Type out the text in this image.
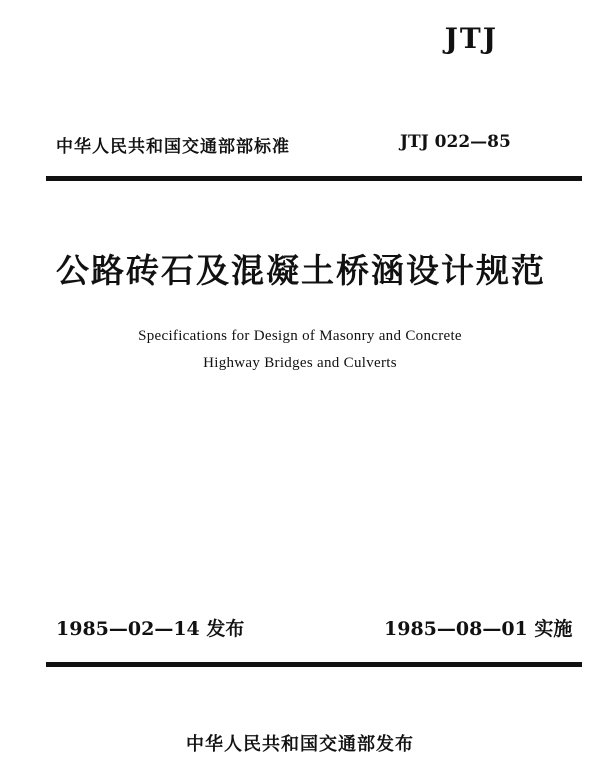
JTJ
中华人民共和国交通部部标准	JTJ 022—85
公路砖石及混凝土桥涵设计规范
Specifications for Design of Masonry and Concrete
Highway Bridges and Culverts
1985—02—14 发布	1985—08—01 实施
中华人民共和国交通部发布
